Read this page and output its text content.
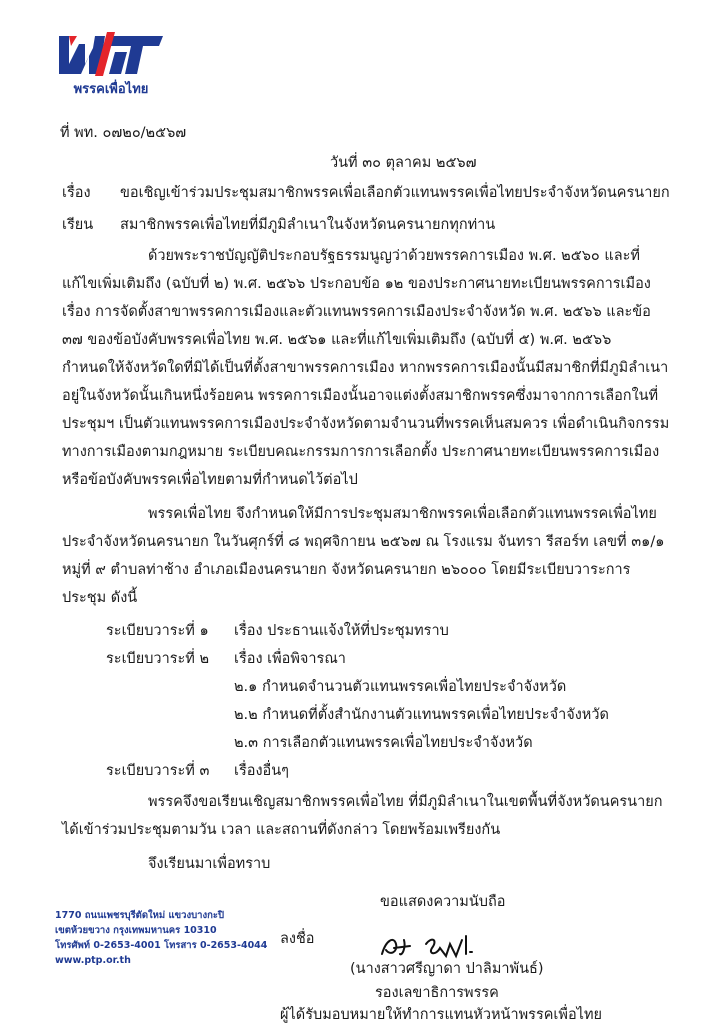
พรรคเพื่อไทย
ที่ พท. ๐๗๒๐/๒๕๖๗
วันที่ ๓๐ ตุลาคม ๒๕๖๗
เรื่อง ขอเชิญเข้าร่วมประชุมสมาชิกพรรคเพื่อเลือกตัวแทนพรรคเพื่อไทยประจำจังหวัดนครนายก
เรียน สมาชิกพรรคเพื่อไทยที่มีภูมิลำเนาในจังหวัดนครนายกทุกท่าน
ด้วยพระราชบัญญัติประกอบรัฐธรรมนูญว่าด้วยพรรคการเมือง พ.ศ. ๒๕๖๐ และที่
แก้ไขเพิ่มเติมถึง (ฉบับที่ ๒) พ.ศ. ๒๕๖๖ ประกอบข้อ ๑๒ ของประกาศนายทะเบียนพรรคการเมือง
เรื่อง การจัดตั้งสาขาพรรคการเมืองและตัวแทนพรรคการเมืองประจำจังหวัด พ.ศ. ๒๕๖๖ และข้อ
๓๗ ของข้อบังคับพรรคเพื่อไทย พ.ศ. ๒๕๖๑ และที่แก้ไขเพิ่มเติมถึง (ฉบับที่ ๕) พ.ศ. ๒๕๖๖
กำหนดให้จังหวัดใดที่มิได้เป็นที่ตั้งสาขาพรรคการเมือง หากพรรคการเมืองนั้นมีสมาชิกที่มีภูมิลำเนา
อยู่ในจังหวัดนั้นเกินหนึ่งร้อยคน พรรคการเมืองนั้นอาจแต่งตั้งสมาชิกพรรคซึ่งมาจากการเลือกในที่
ประชุมฯ เป็นตัวแทนพรรคการเมืองประจำจังหวัดตามจำนวนที่พรรคเห็นสมควร เพื่อดำเนินกิจกรรม
ทางการเมืองตามกฎหมาย ระเบียบคณะกรรมการการเลือกตั้ง ประกาศนายทะเบียนพรรคการเมือง
หรือข้อบังคับพรรคเพื่อไทยตามที่กำหนดไว้ต่อไป
พรรคเพื่อไทย จึงกำหนดให้มีการประชุมสมาชิกพรรคเพื่อเลือกตัวแทนพรรคเพื่อไทย
ประจำจังหวัดนครนายก ในวันศุกร์ที่ ๘ พฤศจิกายน ๒๕๖๗ ณ โรงแรม จันทรา รีสอร์ท เลขที่ ๓๑/๑
หมู่ที่ ๙ ตำบลท่าช้าง อำเภอเมืองนครนายก จังหวัดนครนายก ๒๖๐๐๐ โดยมีระเบียบวาระการ
ประชุม ดังนี้
ระเบียบวาระที่ ๑ เรื่อง ประธานแจ้งให้ที่ประชุมทราบ
ระเบียบวาระที่ ๒ เรื่อง เพื่อพิจารณา
๒.๑ กำหนดจำนวนตัวแทนพรรคเพื่อไทยประจำจังหวัด
๒.๒ กำหนดที่ตั้งสำนักงานตัวแทนพรรคเพื่อไทยประจำจังหวัด
๒.๓ การเลือกตัวแทนพรรคเพื่อไทยประจำจังหวัด
ระเบียบวาระที่ ๓ เรื่องอื่นๆ
พรรคจึงขอเรียนเชิญสมาชิกพรรคเพื่อไทย ที่มีภูมิลำเนาในเขตพื้นที่จังหวัดนครนายก
ได้เข้าร่วมประชุมตามวัน เวลา และสถานที่ดังกล่าว โดยพร้อมเพรียงกัน
จึงเรียนมาเพื่อทราบ
ขอแสดงความนับถือ
ลงชื่อ
(นางสาวศรีญาดา ปาลิมาพันธ์)
รองเลขาธิการพรรค
ผู้ได้รับมอบหมายให้ทำการแทนหัวหน้าพรรคเพื่อไทย
1770 ถนนเพชรบุรีตัดใหม่ แขวงบางกะปิ
เขตห้วยขวาง กรุงเทพมหานคร 10310
โทรศัพท์ 0-2653-4001 โทรสาร 0-2653-4044
www.ptp.or.th
